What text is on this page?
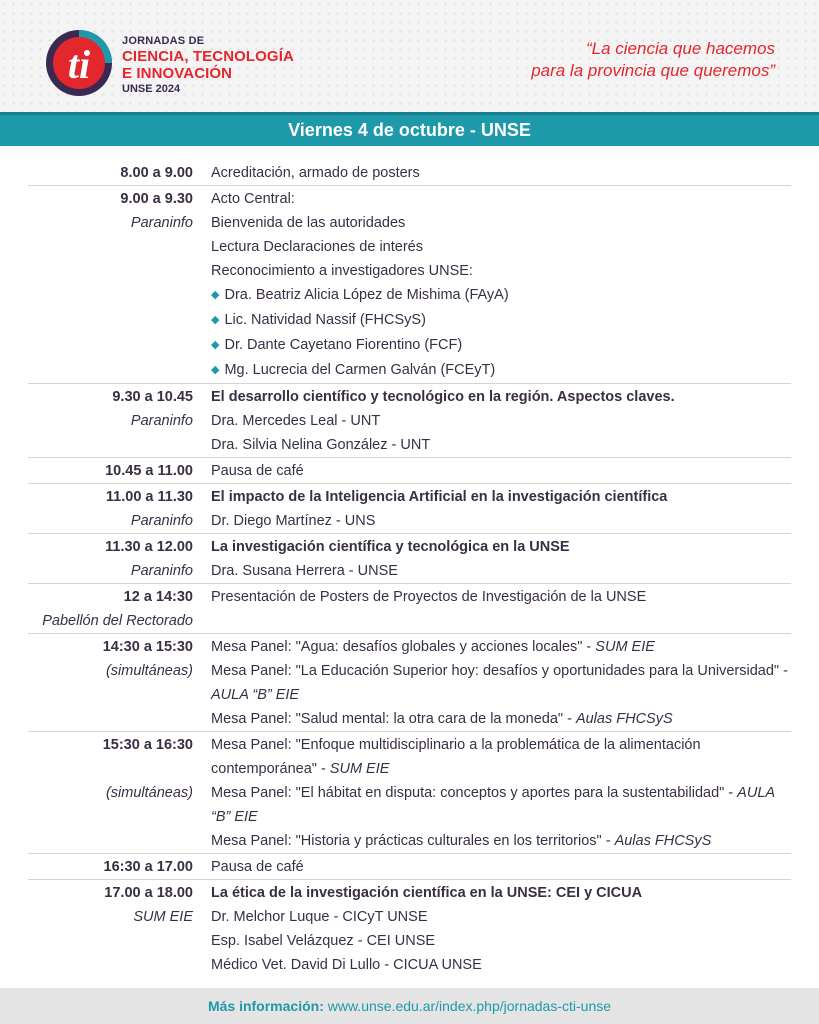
ti
JORNADAS DE
CIENCIA, TECNOLOGÍA
E INNOVACIÓN
UNSE 2024
“La ciencia que hacemos
para la provincia que queremos”
Viernes 4 de octubre - UNSE
8.00 a 9.00	Acreditación, armado de posters
9.00 a 9.30	Acto Central:
Paraninfo	Bienvenida de las autoridades
Lectura Declaraciones de interés
Reconocimiento a investigadores UNSE:
◆ Dra. Beatriz Alicia López de Mishima (FAyA)
◆ Lic. Natividad Nassif (FHCSyS)
◆ Dr. Dante Cayetano Fiorentino (FCF)
◆ Mg. Lucrecia del Carmen Galván (FCEyT)
9.30 a 10.45	El desarrollo científico y tecnológico en la región. Aspectos claves.
Paraninfo	Dra. Mercedes Leal - UNT
Dra. Silvia Nelina González - UNT
10.45 a 11.00	Pausa de café
11.00 a 11.30	El impacto de la Inteligencia Artificial en la investigación científica
Paraninfo	Dr. Diego Martínez - UNS
11.30 a 12.00	La investigación científica y tecnológica en la UNSE
Paraninfo	Dra. Susana Herrera - UNSE
12 a 14:30	Presentación de Posters de Proyectos de Investigación de la UNSE
Pabellón del Rectorado
14:30 a 15:30	Mesa Panel: "Agua: desafíos globales y acciones locales" - SUM EIE
(simultáneas)	Mesa Panel: "La Educación Superior hoy: desafíos y oportunidades para la Universidad" - AULA “B” EIE
Mesa Panel: "Salud mental: la otra cara de la moneda" - Aulas FHCSyS
15:30 a 16:30	Mesa Panel: "Enfoque multidisciplinario a la problemática de la alimentación contemporánea" - SUM EIE
(simultáneas)	Mesa Panel: "El hábitat en disputa: conceptos y aportes para la sustentabilidad" - AULA “B” EIE
Mesa Panel: "Historia y prácticas culturales en los territorios" - Aulas FHCSyS
16:30 a 17.00	Pausa de café
17.00 a 18.00	La ética de la investigación científica en la UNSE: CEI y CICUA
SUM EIE	Dr. Melchor Luque - CICyT UNSE
Esp. Isabel Velázquez - CEI UNSE
Médico Vet. David Di Lullo - CICUA UNSE
Más información: www.unse.edu.ar/index.php/jornadas-cti-unse
